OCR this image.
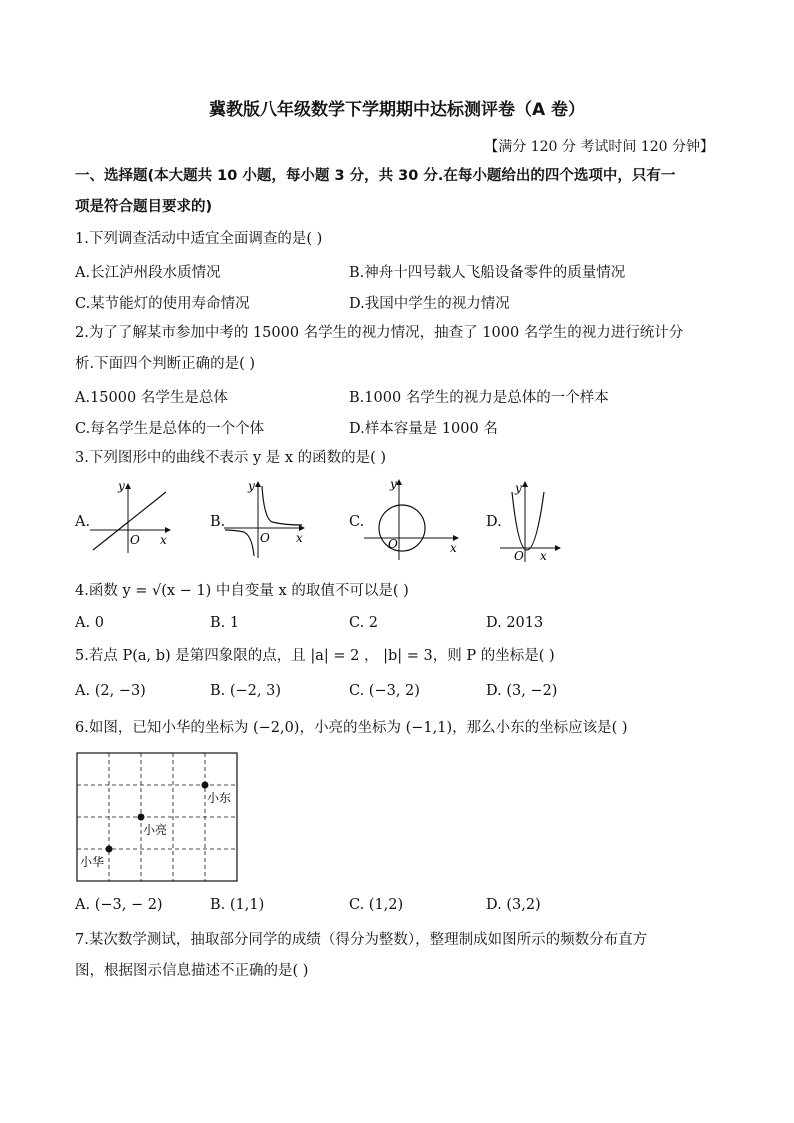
冀教版八年级数学下学期期中达标测评卷（A 卷）
【满分 120 分 考试时间 120 分钟】
一、选择题(本大题共 10 小题，每小题 3 分，共 30 分.在每小题给出的四个选项中，只有一
项是符合题目要求的)
1.下列调查活动中适宜全面调查的是( )
A.长江泸州段水质情况	B.神舟十四号载人飞船设备零件的质量情况
C.某节能灯的使用寿命情况	D.我国中学生的视力情况
2.为了了解某市参加中考的 15000 名学生的视力情况，抽查了 1000 名学生的视力进行统计分
析.下面四个判断正确的是( )
A.15000 名学生是总体	B.1000 名学生的视力是总体的一个样本
C.每名学生是总体的一个个体	D.样本容量是 1000 名
3.下列图形中的曲线不表示 y 是 x 的函数的是( )
A.
y
x
O
B.
y
x
O
C.
y
x
O
D.
y
x
O
4.函数 y = √(x − 1) 中自变量 x 的取值不可以是( )
A. 0	B. 1	C. 2	D. 2013
5.若点 P(a, b) 是第四象限的点，且 |a| = 2 ， |b| = 3，则 P 的坐标是( )
A. (2, −3)	B. (−2, 3)	C. (−3, 2)	D. (3, −2)
6.如图，已知小华的坐标为 (−2,0)，小亮的坐标为 (−1,1)，那么小东的坐标应该是( )
小东
小亮
小华
A. (−3, − 2)	B. (1,1)	C. (1,2)	D. (3,2)
7.某次数学测试，抽取部分同学的成绩（得分为整数），整理制成如图所示的频数分布直方
图，根据图示信息描述不正确的是( )
